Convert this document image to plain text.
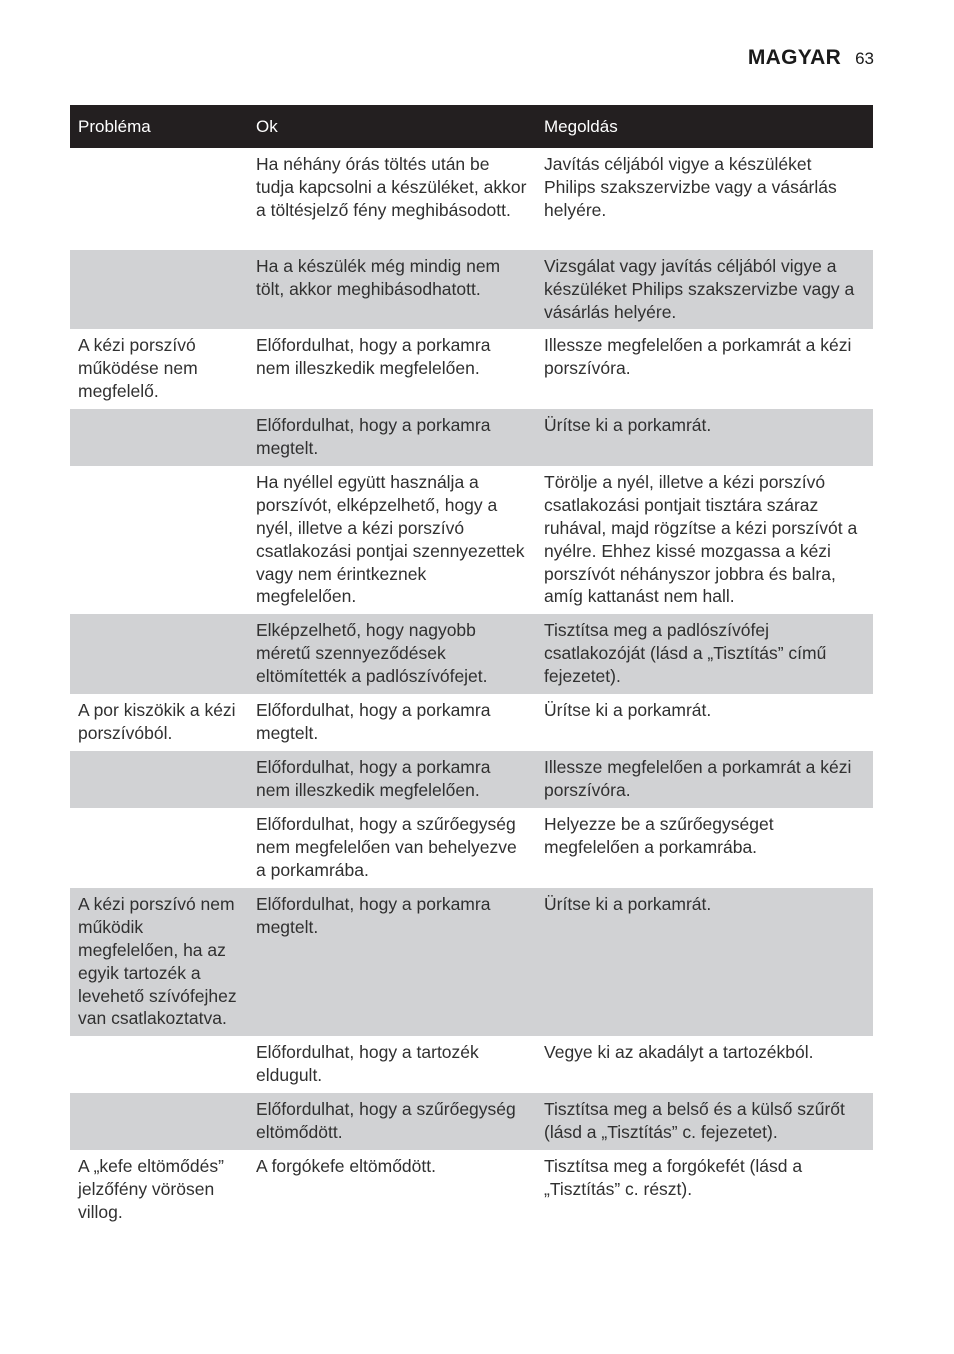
MAGYAR 63
Probléma	Ok	Megoldás
	Ha néhány órás töltés után be tudja kapcsolni a készüléket, akkor a töltésjelző fény meghibásodott.	Javítás céljából vigye a készüléket Philips szakszervizbe vagy a vásárlás helyére.
	Ha a készülék még mindig nem tölt, akkor meghibásodhatott.	Vizsgálat vagy javítás céljából vigye a készüléket Philips szakszervizbe vagy a vásárlás helyére.
A kézi porszívó működése nem megfelelő.	Előfordulhat, hogy a porkamra nem illeszkedik megfelelően.	Illessze megfelelően a porkamrát a kézi porszívóra.
	Előfordulhat, hogy a porkamra megtelt.	Ürítse ki a porkamrát.
	Ha nyéllel együtt használja a porszívót, elképzelhető, hogy a nyél, illetve a kézi porszívó csatlakozási pontjai szennyezettek vagy nem érintkeznek megfelelően.	Törölje a nyél, illetve a kézi porszívó csatlakozási pontjait tisztára száraz ruhával, majd rögzítse a kézi porszívót a nyélre. Ehhez kissé mozgassa a kézi porszívót néhányszor jobbra és balra, amíg kattanást nem hall.
	Elképzelhető, hogy nagyobb méretű szennyeződések eltömítették a padlószívófejet.	Tisztítsa meg a padlószívófej csatlakozóját (lásd a „Tisztítás” című fejezetet).
A por kiszökik a kézi porszívóból.	Előfordulhat, hogy a porkamra megtelt.	Ürítse ki a porkamrát.
	Előfordulhat, hogy a porkamra nem illeszkedik megfelelően.	Illessze megfelelően a porkamrát a kézi porszívóra.
	Előfordulhat, hogy a szűrőegység nem megfelelően van behelyezve a porkamrába.	Helyezze be a szűrőegységet megfelelően a porkamrába.
A kézi porszívó nem működik megfelelően, ha az egyik tartozék a levehető szívófejhez van csatlakoztatva.	Előfordulhat, hogy a porkamra megtelt.	Ürítse ki a porkamrát.
	Előfordulhat, hogy a tartozék eldugult.	Vegye ki az akadályt a tartozékból.
	Előfordulhat, hogy a szűrőegység eltömődött.	Tisztítsa meg a belső és a külső szűrőt (lásd a „Tisztítás” c. fejezetet).
A „kefe eltömődés” jelzőfény vörösen villog.	A forgókefe eltömődött.	Tisztítsa meg a forgókefét (lásd a „Tisztítás” c. részt).
